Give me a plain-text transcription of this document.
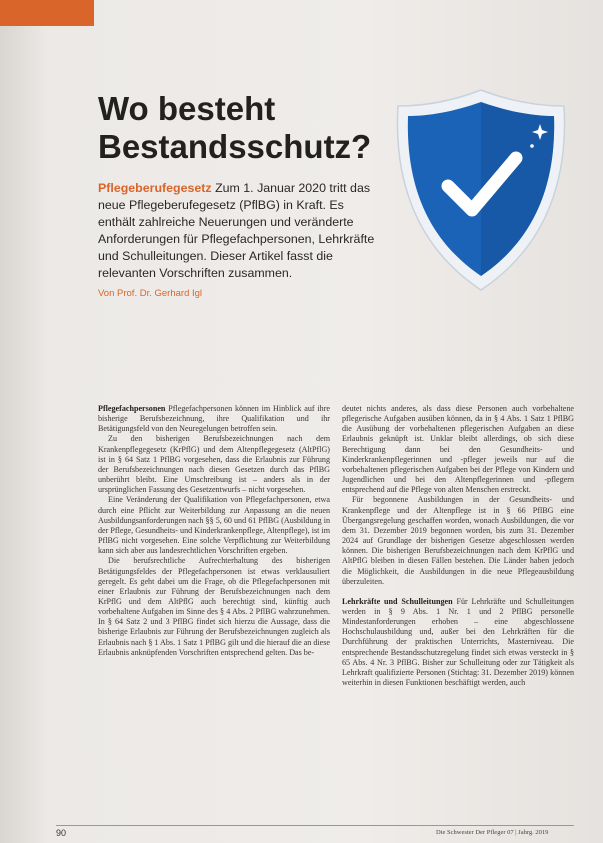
Wo besteht Bestandsschutz?

Pflegeberufegesetz Zum 1. Januar 2020 tritt das neue Pflegeberufegesetz (PflBG) in Kraft. Es enthält zahlreiche Neuerungen und veränderte Anforderungen für Pflegefachpersonen, Lehrkräfte und Schulleitungen. Dieser Artikel fasst die relevanten Vorschriften zusammen.

Von Prof. Dr. Gerhard Igl

Pflegefachpersonen Pflegefachpersonen können im Hinblick auf ihre bisherige Berufsbezeichnung, ihre Qualifikation und ihr Betätigungsfeld von den Neuregelungen betroffen sein.

Zu den bisherigen Berufsbezeichnungen nach dem Krankenpflegegesetz (KrPflG) und dem Altenpflegegesetz (AltPflG) ist in § 64 Satz 1 PflBG vorgesehen, dass die Erlaubnis zur Führung der Berufsbezeichnungen nach diesen Gesetzen durch das PflBG unberührt bleibt. Eine Umschreibung ist – anders als in der ursprünglichen Fassung des Gesetzentwurfs – nicht vorgesehen.

Eine Veränderung der Qualifikation von Pflegefachpersonen, etwa durch eine Pflicht zur Weiterbildung zur Anpassung an die neuen Ausbildungsanforderungen nach §§ 5, 60 und 61 PflBG (Ausbildung in der Pflege, Gesundheits- und Kinderkrankenpflege, Altenpflege), ist im PflBG nicht vorgesehen. Eine solche Verpflichtung zur Weiterbildung kann sich aber aus landesrechtlichen Vorschriften ergeben.

Die berufsrechtliche Aufrechterhaltung des bisherigen Betätigungsfeldes der Pflegefachpersonen ist etwas verklausuliert geregelt. Es geht dabei um die Frage, ob die Pflegefachpersonen mit einer Erlaubnis zur Führung der Berufsbezeichnungen nach dem KrPflG und dem AltPflG auch berechtigt sind, künftig auch vorbehaltene Aufgaben im Sinne des § 4 Abs. 2 PflBG wahrzunehmen. In § 64 Satz 2 und 3 PflBG findet sich hierzu die Aussage, dass die bisherige Erlaubnis zur Führung der Berufsbezeichnungen zugleich als Erlaubnis nach § 1 Abs. 1 Satz 1 PflBG gilt und die hierauf die an diese Erlaubnis anknüpfenden Vorschriften entsprechend gelten. Das be-

deutet nichts anderes, als dass diese Personen auch vorbehaltene pflegerische Aufgaben ausüben können, da in § 4 Abs. 1 Satz 1 PflBG die Ausübung der vorbehaltenen pflegerischen Aufgaben an diese Erlaubnis geknüpft ist. Unklar bleibt allerdings, ob sich diese Berechtigung dann bei den Gesundheits- und Kinderkrankenpflegerinnen und -pfleger jeweils nur auf die vorbehaltenen pflegerischen Aufgaben bei der Pflege von Kindern und Jugendlichen und bei den Altenpflegerinnen und -pflegern entsprechend auf die Pflege von alten Menschen erstreckt.

Für begonnene Ausbildungen in der Gesundheits- und Krankenpflege und der Altenpflege ist in § 66 PflBG eine Übergangsregelung geschaffen worden, wonach Ausbildungen, die vor dem 31. Dezember 2019 begonnen worden, bis zum 31. Dezember 2024 auf Grundlage der bisherigen Gesetze abgeschlossen werden können. Die bisherigen Berufsbezeichnungen nach dem KrPflG und AltPflG bleiben in diesen Fällen bestehen. Die Länder haben jedoch die Möglichkeit, die Ausbildungen in die neue Pflegeausbildung überzuleiten.

Lehrkräfte und Schulleitungen Für Lehrkräfte und Schulleitungen werden in § 9 Abs. 1 Nr. 1 und 2 PflBG personelle Mindestanforderungen erhoben – eine abgeschlossene Hochschulausbildung und, außer bei den Lehrkräften für die Durchführung der praktischen Unterrichts, Masterniveau. Die entsprechende Bestandsschutzregelung findet sich etwas versteckt in § 65 Abs. 4 Nr. 3 PflBG. Bisher zur Schulleitung oder zur Tätigkeit als Lehrkraft qualifizierte Personen (Stichtag: 31. Dezember 2019) können weiterhin in diesen Funktionen beschäftigt werden, auch

90	Die Schwester Der Pfleger 07 | Jahrg. 2019
